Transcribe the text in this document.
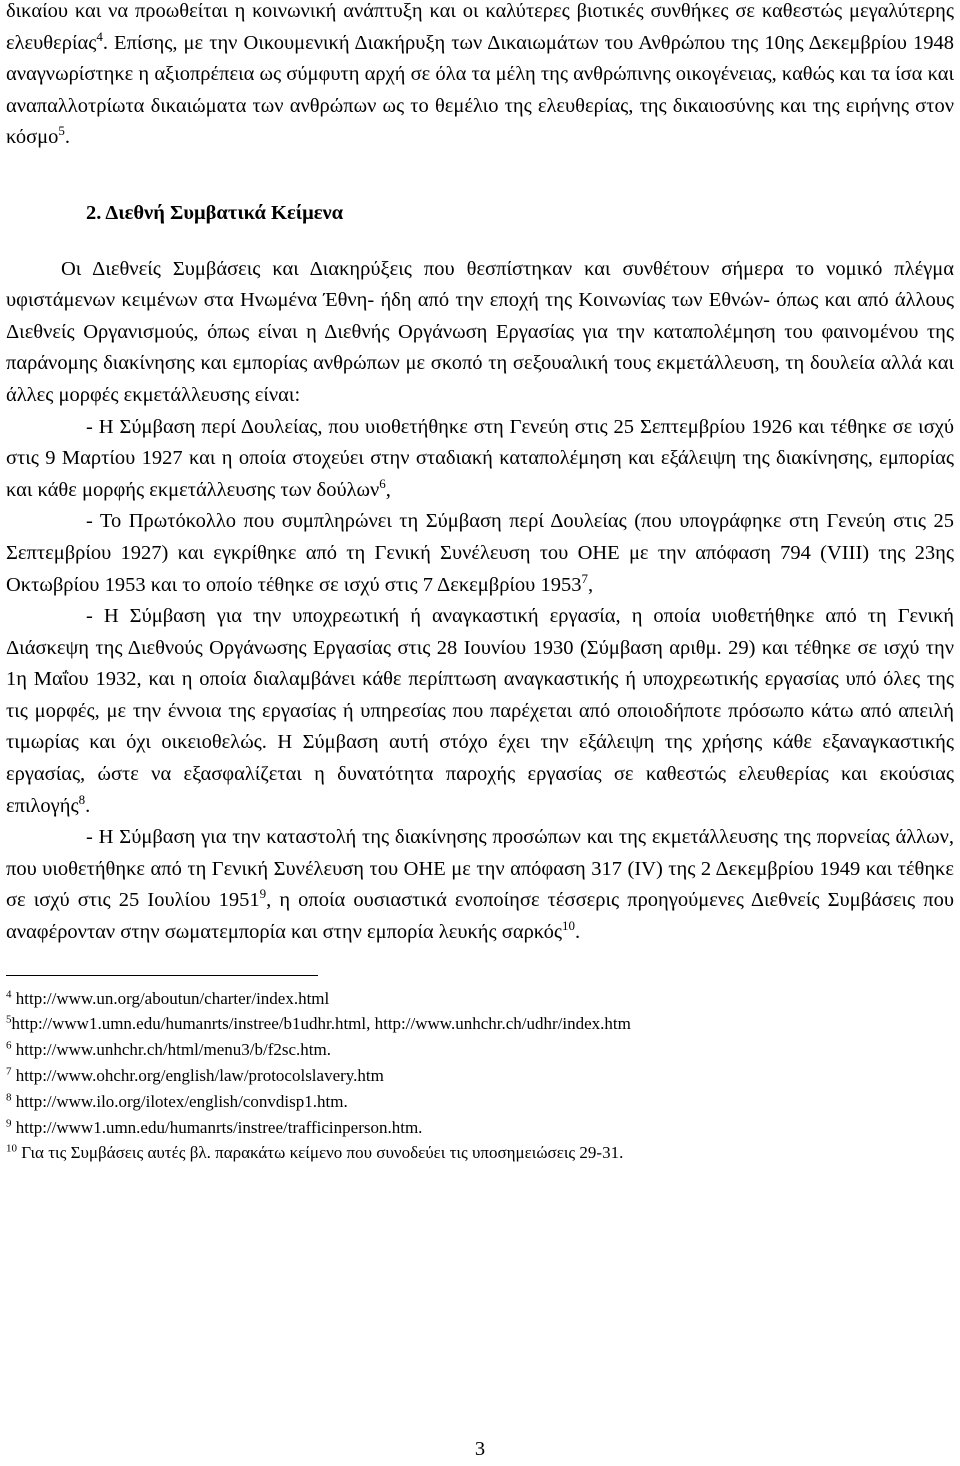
δικαίου και να προωθείται η κοινωνική ανάπτυξη και οι καλύτερες βιοτικές συνθήκες σε καθεστώς μεγαλύτερης ελευθερίας$^4$. Επίσης, με την Οικουμενική Διακήρυξη των Δικαιωμάτων του Ανθρώπου της 10ης Δεκεμβρίου 1948 αναγνωρίστηκε η αξιοπρέπεια ως σύμφυτη αρχή σε όλα τα μέλη της ανθρώπινης οικογένειας, καθώς και τα ίσα και αναπαλλοτρίωτα δικαιώματα των ανθρώπων ως το θεμέλιο της ελευθερίας, της δικαιοσύνης και της ειρήνης στον κόσμο$^5$.

2. Διεθνή Συμβατικά Κείμενα

Οι Διεθνείς Συμβάσεις και Διακηρύξεις που θεσπίστηκαν και συνθέτουν σήμερα το νομικό πλέγμα υφιστάμενων κειμένων στα Ηνωμένα Έθνη- ήδη από την εποχή της Κοινωνίας των Εθνών- όπως και από άλλους Διεθνείς Οργανισμούς, όπως είναι η Διεθνής Οργάνωση Εργασίας για την καταπολέμηση του φαινομένου της παράνομης διακίνησης και εμπορίας ανθρώπων με σκοπό τη σεξουαλική τους εκμετάλλευση, τη δουλεία αλλά και άλλες μορφές εκμετάλλευσης είναι:

- Η Σύμβαση περί Δουλείας, που υιοθετήθηκε στη Γενεύη στις 25 Σεπτεμβρίου 1926 και τέθηκε σε ισχύ στις 9 Μαρτίου 1927 και η οποία στοχεύει στην σταδιακή καταπολέμηση και εξάλειψη της διακίνησης, εμπορίας και κάθε μορφής εκμετάλλευσης των δούλων$^6$,

- Το Πρωτόκολλο που συμπληρώνει τη Σύμβαση περί Δουλείας (που υπογράφηκε στη Γενεύη στις 25 Σεπτεμβρίου 1927) και εγκρίθηκε από τη Γενική Συνέλευση του ΟΗΕ με την απόφαση 794 (VIII) της 23ης Οκτωβρίου 1953 και το οποίο τέθηκε σε ισχύ στις 7 Δεκεμβρίου 1953$^7$,

- Η Σύμβαση για την υποχρεωτική ή αναγκαστική εργασία, η οποία υιοθετήθηκε από τη Γενική Διάσκεψη της Διεθνούς Οργάνωσης Εργασίας στις 28 Ιουνίου 1930 (Σύμβαση αριθμ. 29) και τέθηκε σε ισχύ την 1η Μαΐου 1932, και η οποία διαλαμβάνει κάθε περίπτωση αναγκαστικής ή υποχρεωτικής εργασίας υπό όλες της τις μορφές, με την έννοια της εργασίας ή υπηρεσίας που παρέχεται από οποιοδήποτε πρόσωπο κάτω από απειλή τιμωρίας και όχι οικειοθελώς. Η Σύμβαση αυτή στόχο έχει την εξάλειψη της χρήσης κάθε εξαναγκαστικής εργασίας, ώστε να εξασφαλίζεται η δυνατότητα παροχής εργασίας σε καθεστώς ελευθερίας και εκούσιας επιλογής$^8$.

- Η Σύμβαση για την καταστολή της διακίνησης προσώπων και της εκμετάλλευσης της πορνείας άλλων, που υιοθετήθηκε από τη Γενική Συνέλευση του ΟΗΕ με την απόφαση 317 (IV) της 2 Δεκεμβρίου 1949 και τέθηκε σε ισχύ στις 25 Ιουλίου 1951$^9$, η οποία ουσιαστικά ενοποίησε τέσσερις προηγούμενες Διεθνείς Συμβάσεις που αναφέρονταν στην σωματεμπορία και στην εμπορία λευκής σαρκός$^{10}$.

$^4$ http://www.un.org/aboutun/charter/index.html
$^5$http://www1.umn.edu/humanrts/instree/b1udhr.html, http://www.unhchr.ch/udhr/index.htm
$^6$ http://www.unhchr.ch/html/menu3/b/f2sc.htm.
$^7$ http://www.ohchr.org/english/law/protocolslavery.htm
$^8$ http://www.ilo.org/ilotex/english/convdisp1.htm.
$^9$ http://www1.umn.edu/humanrts/instree/trafficinperson.htm.
$^{10}$ Για τις Συμβάσεις αυτές βλ. παρακάτω κείμενο που συνοδεύει τις υποσημειώσεις 29-31.
3
